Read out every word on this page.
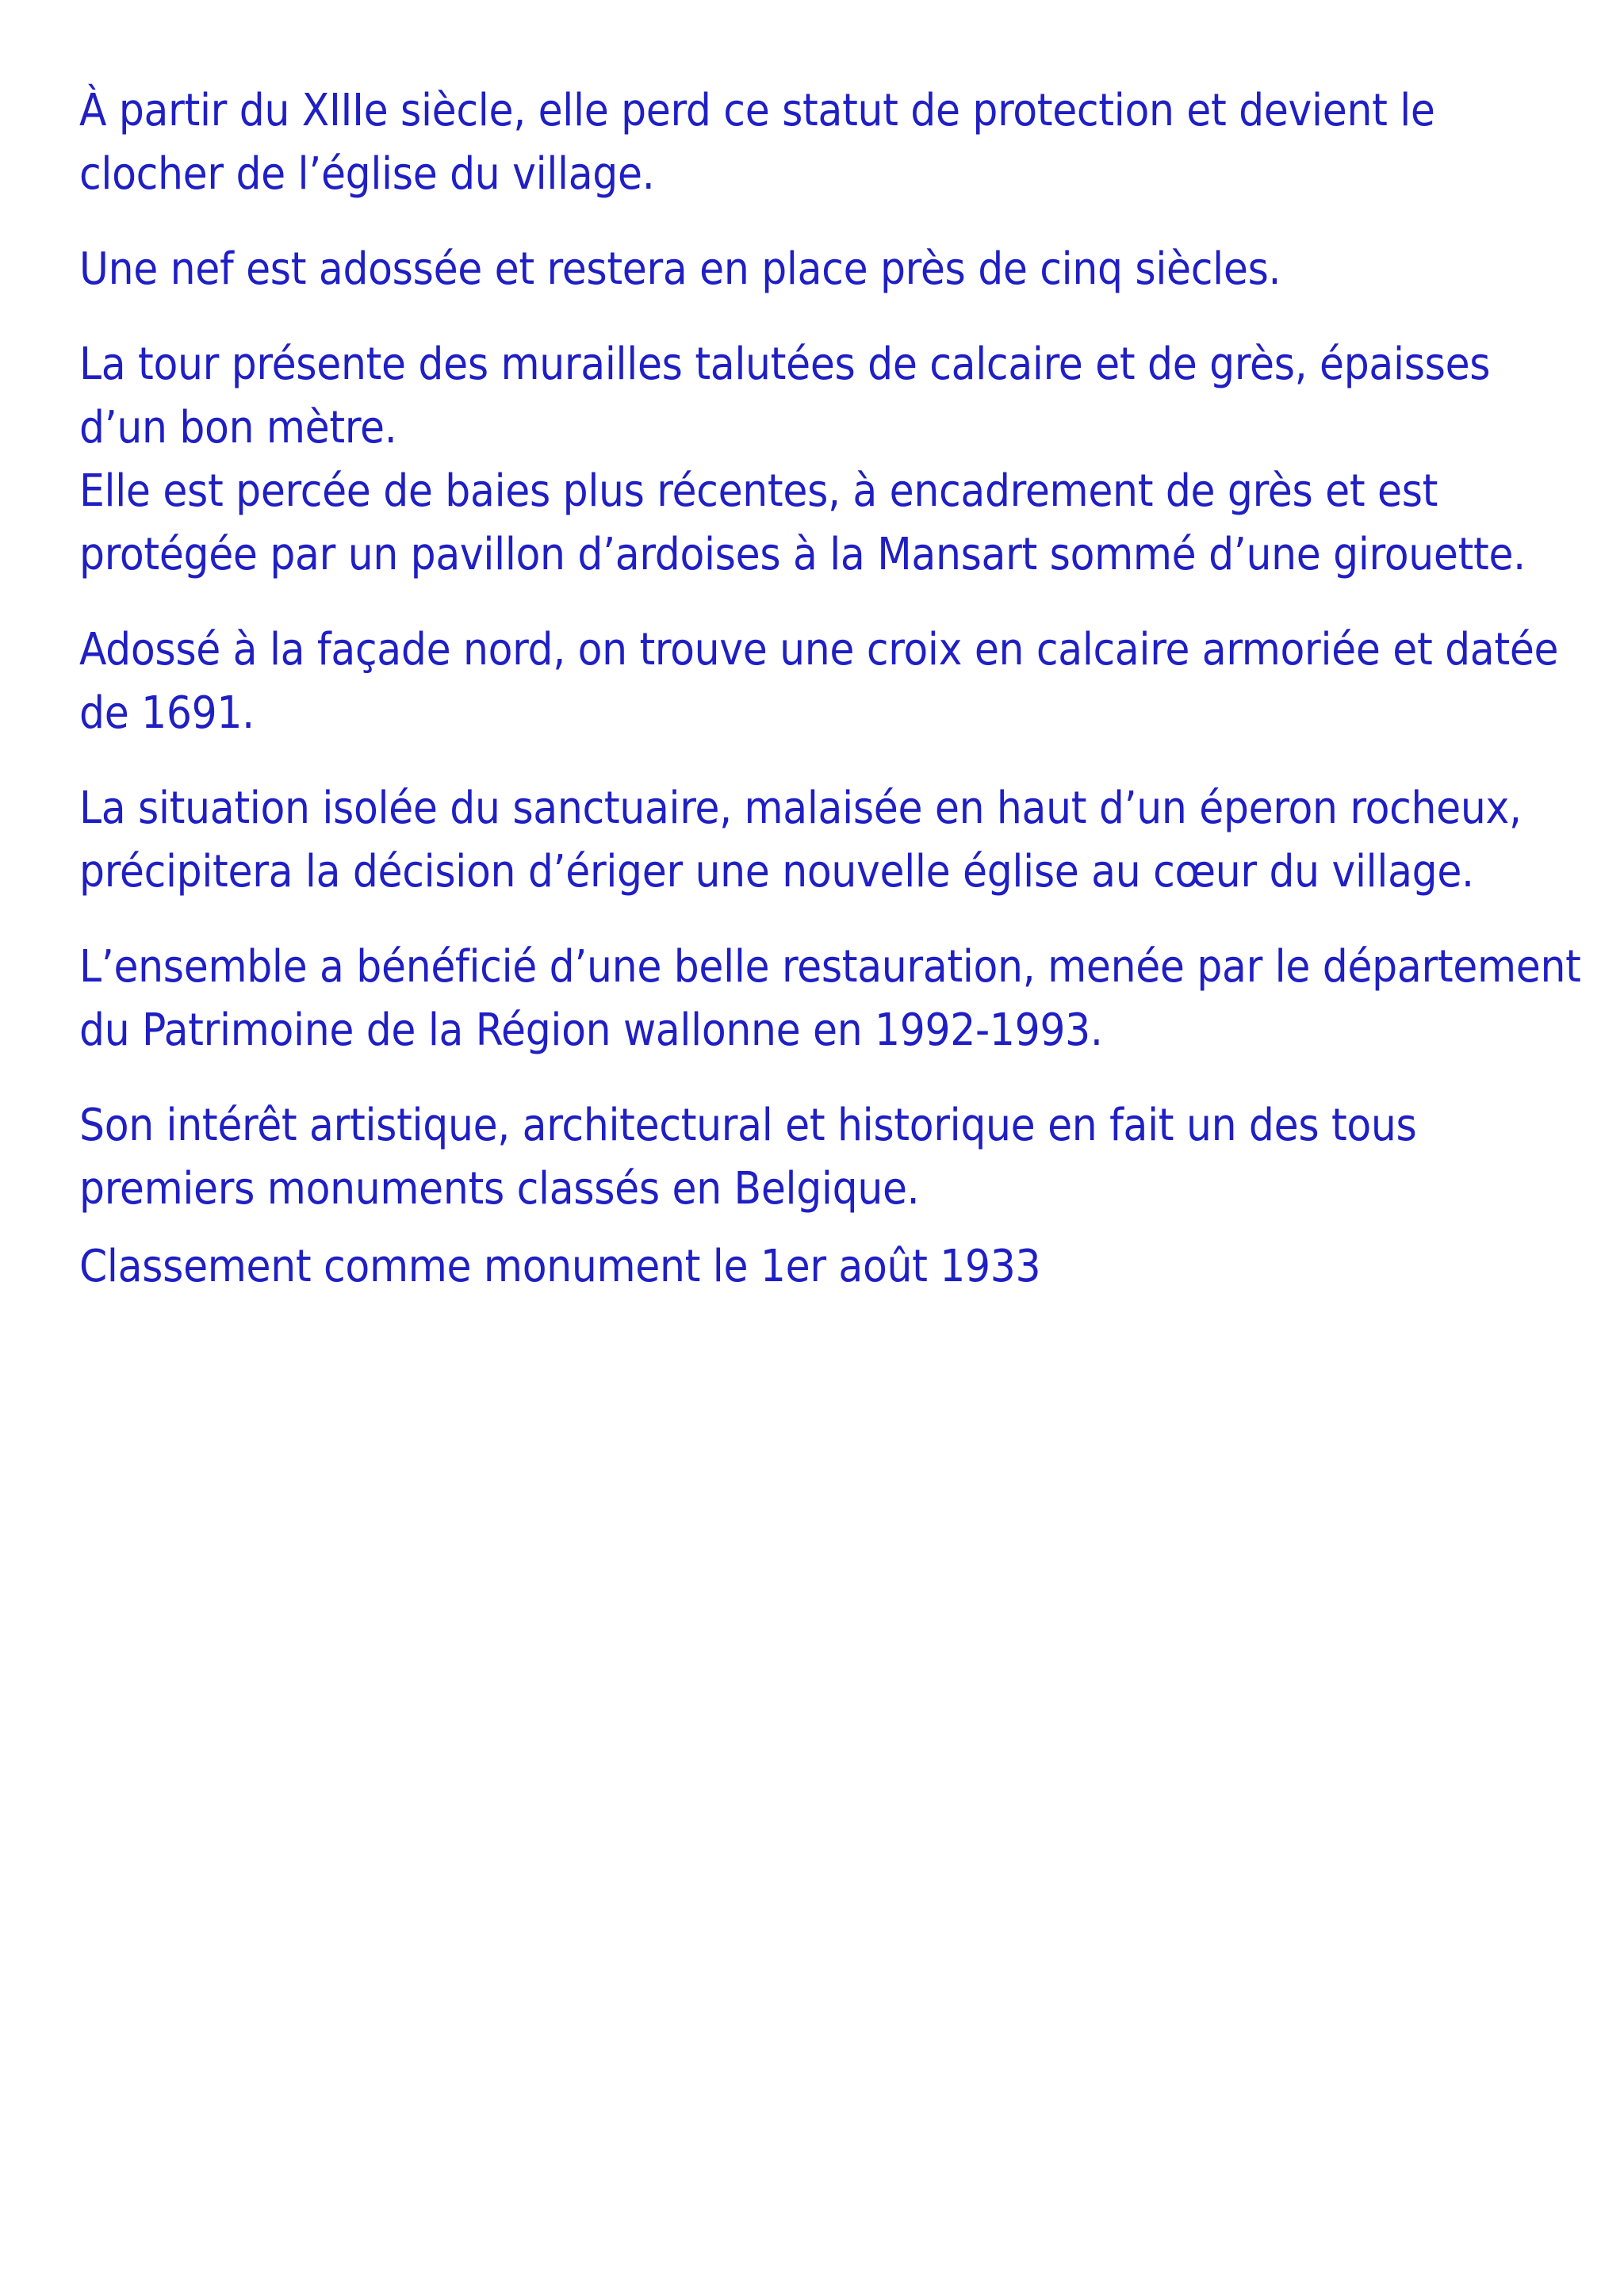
À partir du XIIIe siècle, elle perd ce statut de protection et devient le clocher de l’église du village.

Une nef est adossée et restera en place près de cinq siècles.

La tour présente des murailles talutées de calcaire et de grès, épaisses d’un bon mètre.

Elle est percée de baies plus récentes, à encadrement de grès et est protégée par un pavillon d’ardoises à la Mansart sommé d’une girouette.

Adossé à la façade nord, on trouve une croix en calcaire armoriée et datée de 1691.

La situation isolée du sanctuaire, malaisée en haut d’un éperon rocheux, précipitera la décision d’ériger une nouvelle église au cœur du village.

L’ensemble a bénéficié d’une belle restauration, menée par le département du Patrimoine de la Région wallonne en 1992-1993.

Son intérêt artistique, architectural et historique en fait un des tous premiers monuments classés en Belgique.

Classement comme monument le 1er août 1933
